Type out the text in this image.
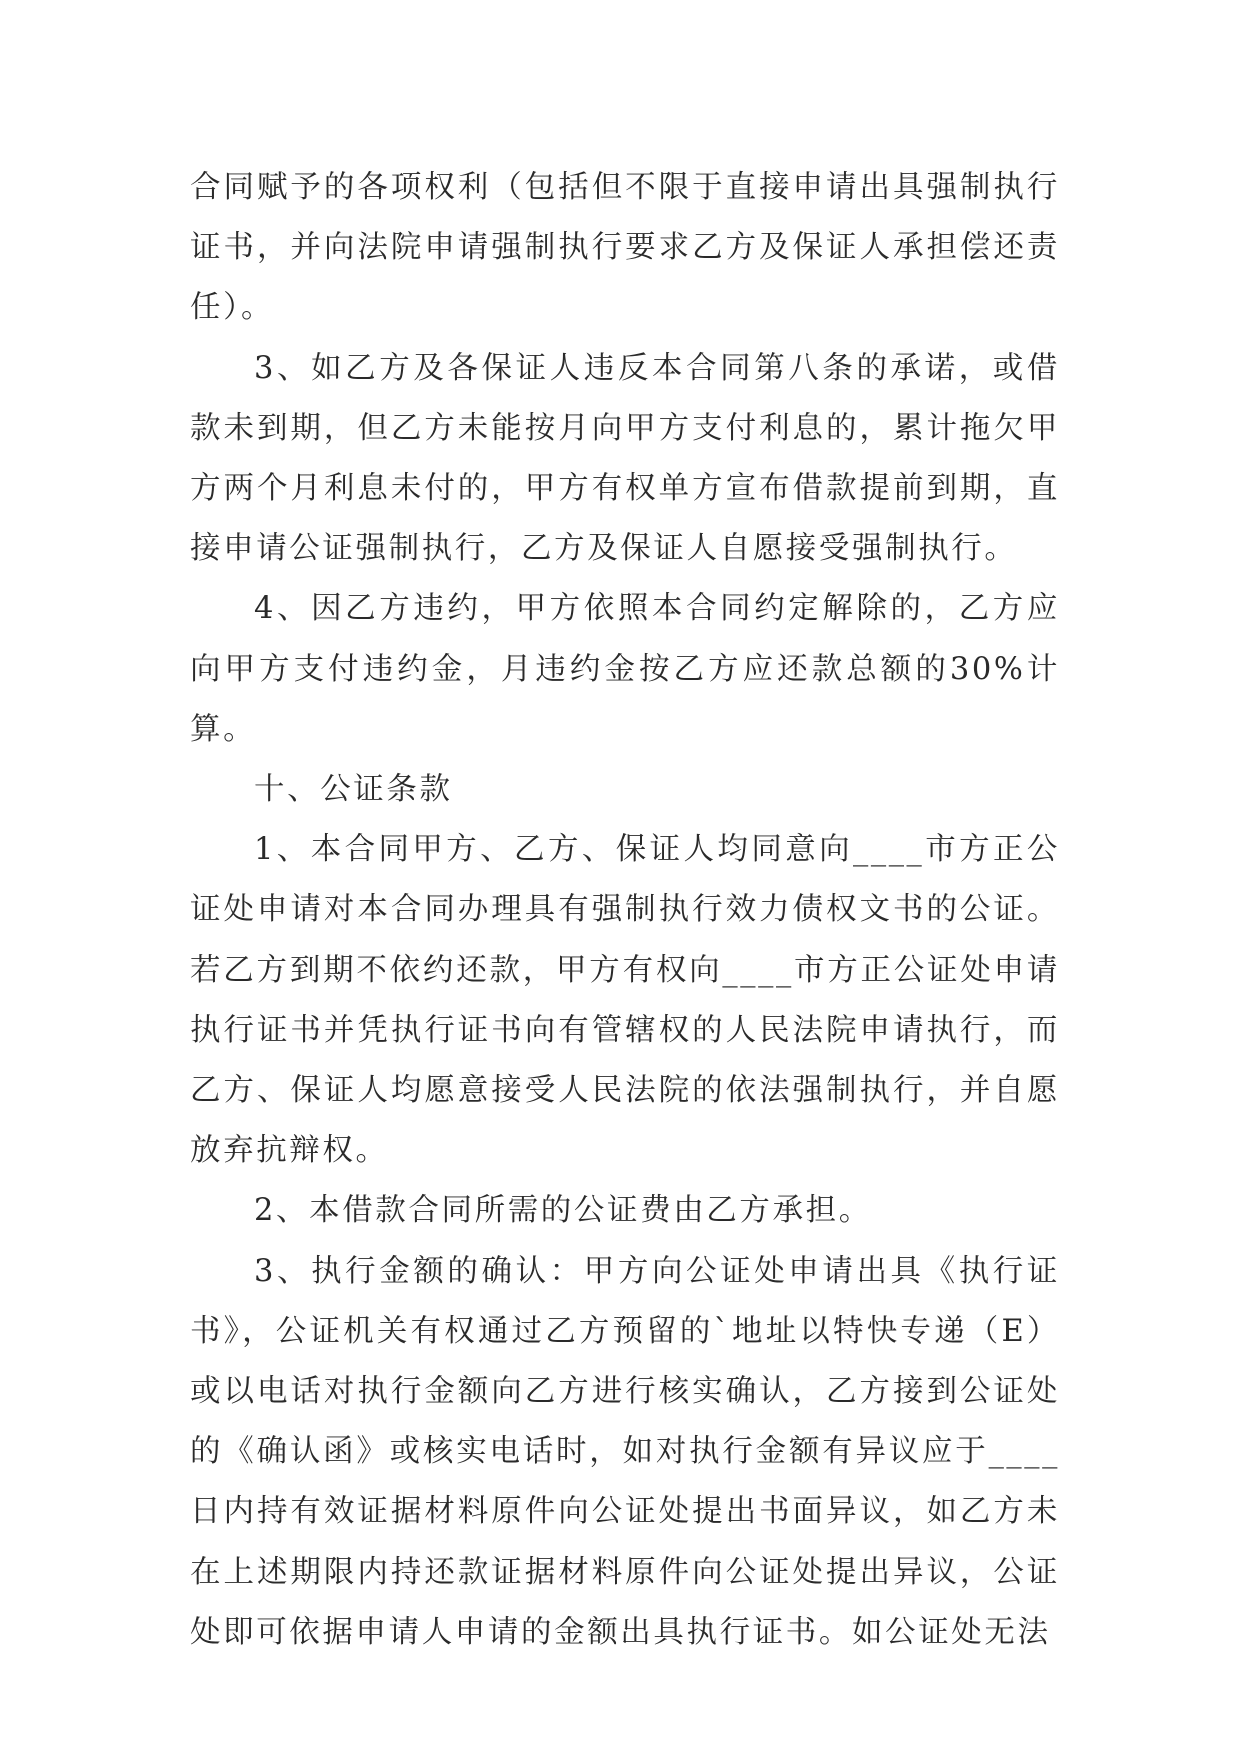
合同赋予的各项权利（包括但不限于直接申请出具强制执行证书，并向法院申请强制执行要求乙方及保证人承担偿还责任）。

3、如乙方及各保证人违反本合同第八条的承诺，或借款未到期，但乙方未能按月向甲方支付利息的，累计拖欠甲方两个月利息未付的，甲方有权单方宣布借款提前到期，直接申请公证强制执行，乙方及保证人自愿接受强制执行。

4、因乙方违约，甲方依照本合同约定解除的，乙方应向甲方支付违约金，月违约金按乙方应还款总额的30%计算。

十、公证条款

1、本合同甲方、乙方、保证人均同意向____市方正公证处申请对本合同办理具有强制执行效力债权文书的公证。若乙方到期不依约还款，甲方有权向____市方正公证处申请执行证书并凭执行证书向有管辖权的人民法院申请执行，而乙方、保证人均愿意接受人民法院的依法强制执行，并自愿放弃抗辩权。

2、本借款合同所需的公证费由乙方承担。

3、执行金额的确认：甲方向公证处申请出具《执行证书》，公证机关有权通过乙方预留的`地址以特快专递（E）或以电话对执行金额向乙方进行核实确认，乙方接到公证处的《确认函》或核实电话时，如对执行金额有异议应于____日内持有效证据材料原件向公证处提出书面异议，如乙方未在上述期限内持还款证据材料原件向公证处提出异议，公证处即可依据申请人申请的金额出具执行证书。如公证处无法
